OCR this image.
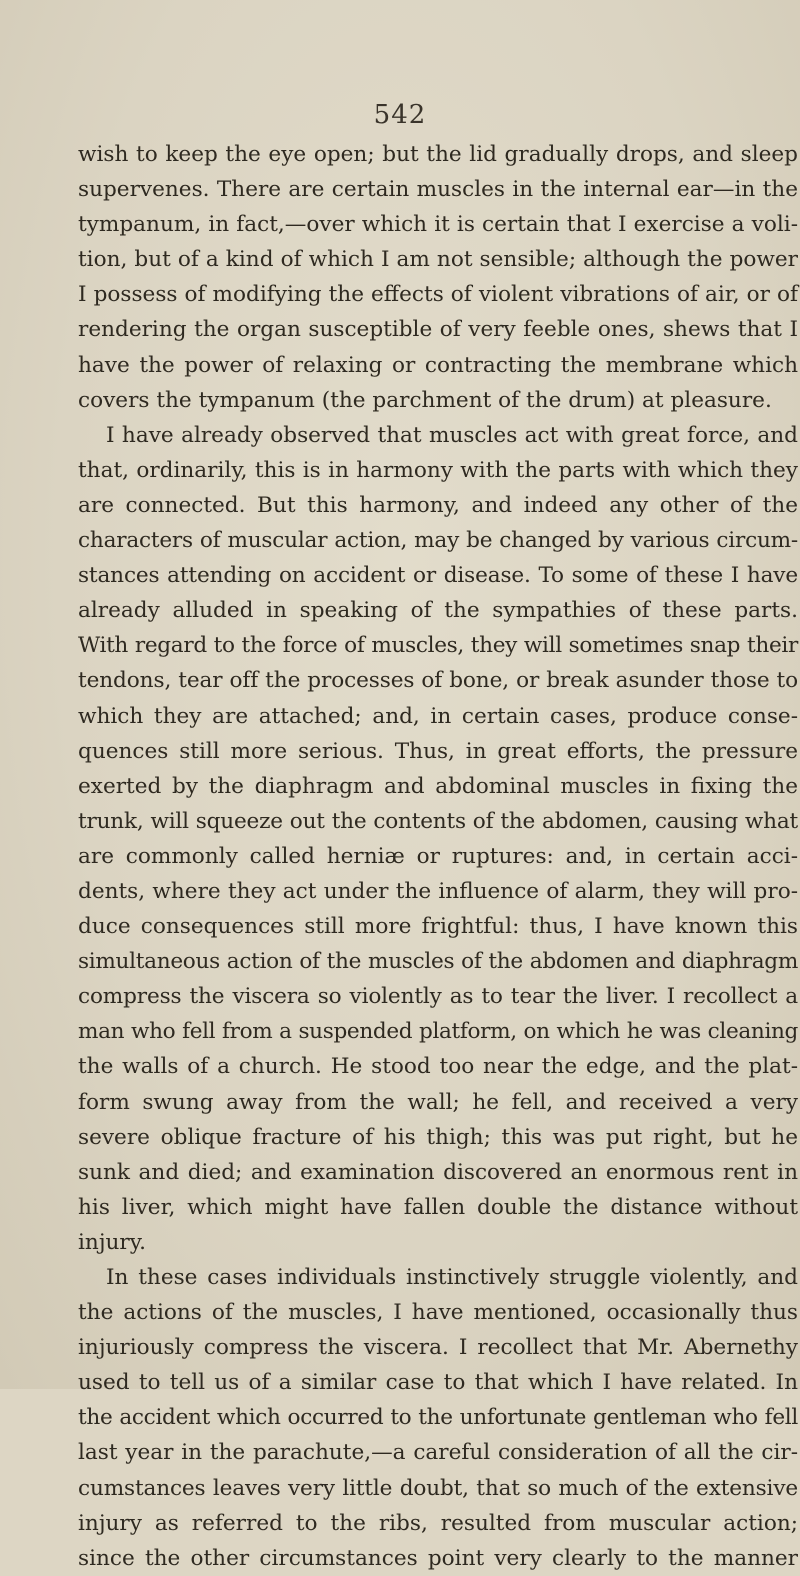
542
wish to keep the eye open; but the lid gradually drops, and sleep
supervenes. There are certain muscles in the internal ear—in the
tympanum, in fact,—over which it is certain that I exercise a voli-
tion, but of a kind of which I am not sensible; although the power
I possess of modifying the effects of violent vibrations of air, or of
rendering the organ susceptible of very feeble ones, shews that I
have the power of relaxing or contracting the membrane which
covers the tympanum (the parchment of the drum) at pleasure.
I have already observed that muscles act with great force, and
that, ordinarily, this is in harmony with the parts with which they
are connected. But this harmony, and indeed any other of the
characters of muscular action, may be changed by various circum-
stances attending on accident or disease. To some of these I have
already alluded in speaking of the sympathies of these parts.
With regard to the force of muscles, they will sometimes snap their
tendons, tear off the processes of bone, or break asunder those to
which they are attached; and, in certain cases, produce conse-
quences still more serious. Thus, in great efforts, the pressure
exerted by the diaphragm and abdominal muscles in fixing the
trunk, will squeeze out the contents of the abdomen, causing what
are commonly called herniæ or ruptures: and, in certain acci-
dents, where they act under the influence of alarm, they will pro-
duce consequences still more frightful: thus, I have known this
simultaneous action of the muscles of the abdomen and diaphragm
compress the viscera so violently as to tear the liver. I recollect a
man who fell from a suspended platform, on which he was cleaning
the walls of a church. He stood too near the edge, and the plat-
form swung away from the wall; he fell, and received a very
severe oblique fracture of his thigh; this was put right, but he
sunk and died; and examination discovered an enormous rent in
his liver, which might have fallen double the distance without
injury.
In these cases individuals instinctively struggle violently, and
the actions of the muscles, I have mentioned, occasionally thus
injuriously compress the viscera. I recollect that Mr. Abernethy
used to tell us of a similar case to that which I have related. In
the accident which occurred to the unfortunate gentleman who fell
last year in the parachute,—a careful consideration of all the cir-
cumstances leaves very little doubt, that so much of the extensive
injury as referred to the ribs, resulted from muscular action;
since the other circumstances point very clearly to the manner
